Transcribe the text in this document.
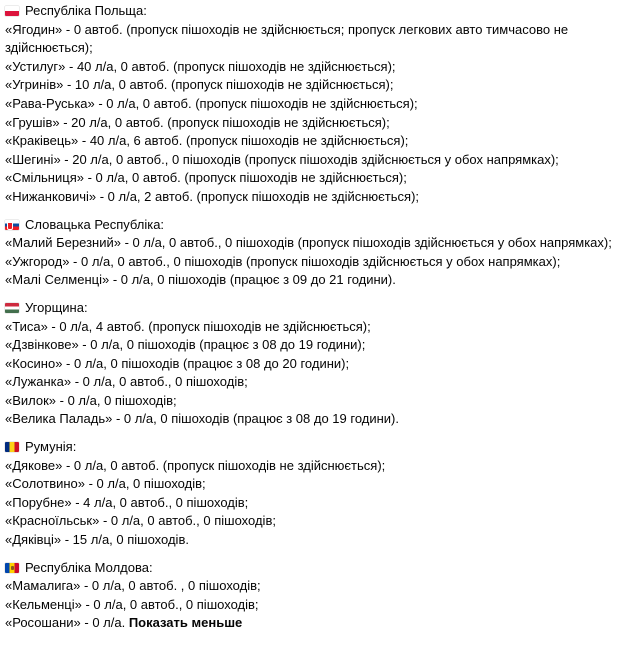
Республіка Польща:
«Ягодин» - 0 автоб. (пропуск пішоходів не здійснюється; пропуск легкових авто тимчасово не здійснюється);
«Устилуг» - 40 л/а, 0 автоб. (пропуск пішоходів не здійснюється);
«Угринів» - 10 л/а, 0 автоб. (пропуск пішоходів не здійснюється);
«Рава-Руська» - 0 л/а, 0 автоб. (пропуск пішоходів не здійснюється);
«Грушів» - 20 л/а, 0 автоб. (пропуск пішоходів не здійснюється);
«Краківець» - 40 л/а, 6 автоб. (пропуск пішоходів не здійснюється);
«Шегині» - 20 л/а, 0 автоб., 0 пішоходів (пропуск пішоходів здійснюється у обох напрямках);
«Смільниця» - 0 л/а, 0 автоб. (пропуск пішоходів не здійснюється);
«Нижанковичі» - 0 л/а, 2 автоб. (пропуск пішоходів не здійснюється);
Словацька Республіка:
«Малий Березний» - 0 л/а, 0 автоб., 0 пішоходів (пропуск пішоходів здійснюється у обох напрямках);
«Ужгород» - 0 л/а, 0 автоб., 0 пішоходів (пропуск пішоходів здійснюється у обох напрямках);
«Малі Селменці» - 0 л/а, 0 пішоходів (працює з 09 до 21 години).
Угорщина:
«Тиса» - 0 л/а, 4 автоб. (пропуск пішоходів не здійснюється);
«Дзвінкове» - 0 л/а, 0 пішоходів (працює з 08 до 19 години);
«Косино» - 0 л/а, 0 пішоходів (працює з 08 до 20 години);
«Лужанка» - 0 л/а, 0 автоб., 0 пішоходів;
«Вилок» - 0 л/а, 0 пішоходів;
«Велика Паладь» - 0 л/а, 0 пішоходів (працює з 08 до 19 години).
Румунія:
«Дякове» - 0 л/а, 0 автоб. (пропуск пішоходів не здійснюється);
«Солотвино» - 0 л/а, 0 пішоходів;
«Порубне» - 4 л/а, 0 автоб., 0 пішоходів;
«Красноїльськ» - 0 л/а, 0 автоб., 0 пішоходів;
«Дяківці» - 15 л/а, 0 пішоходів.
Республіка Молдова:
«Мамалига» - 0 л/а, 0 автоб. , 0 пішоходів;
«Кельменці» - 0 л/а, 0 автоб., 0 пішоходів;
«Росошани» - 0 л/а. Показать меньше
